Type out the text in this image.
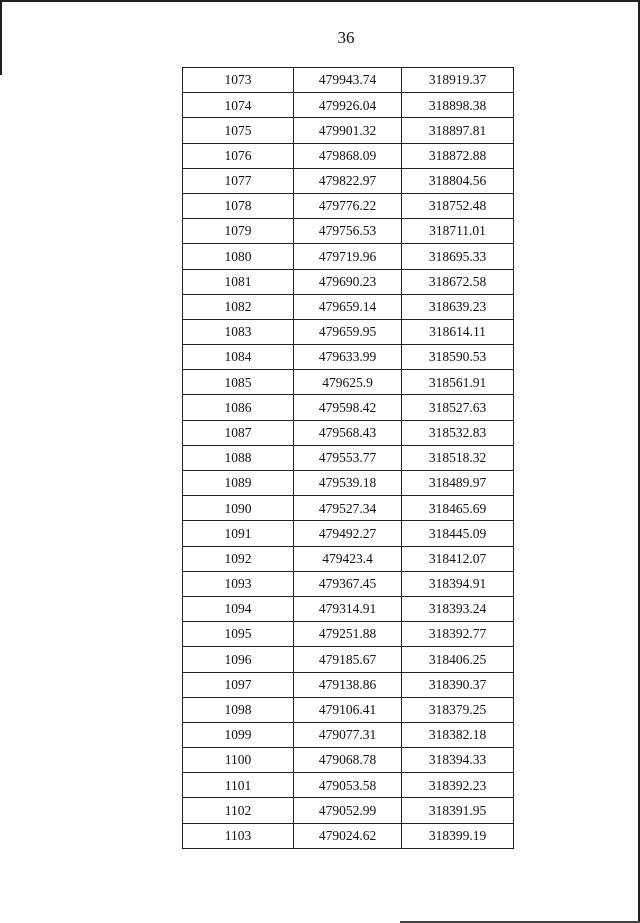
36
1073	479943.74	318919.37
1074	479926.04	318898.38
1075	479901.32	318897.81
1076	479868.09	318872.88
1077	479822.97	318804.56
1078	479776.22	318752.48
1079	479756.53	318711.01
1080	479719.96	318695.33
1081	479690.23	318672.58
1082	479659.14	318639.23
1083	479659.95	318614.11
1084	479633.99	318590.53
1085	479625.9	318561.91
1086	479598.42	318527.63
1087	479568.43	318532.83
1088	479553.77	318518.32
1089	479539.18	318489.97
1090	479527.34	318465.69
1091	479492.27	318445.09
1092	479423.4	318412.07
1093	479367.45	318394.91
1094	479314.91	318393.24
1095	479251.88	318392.77
1096	479185.67	318406.25
1097	479138.86	318390.37
1098	479106.41	318379.25
1099	479077.31	318382.18
1100	479068.78	318394.33
1101	479053.58	318392.23
1102	479052.99	318391.95
1103	479024.62	318399.19
